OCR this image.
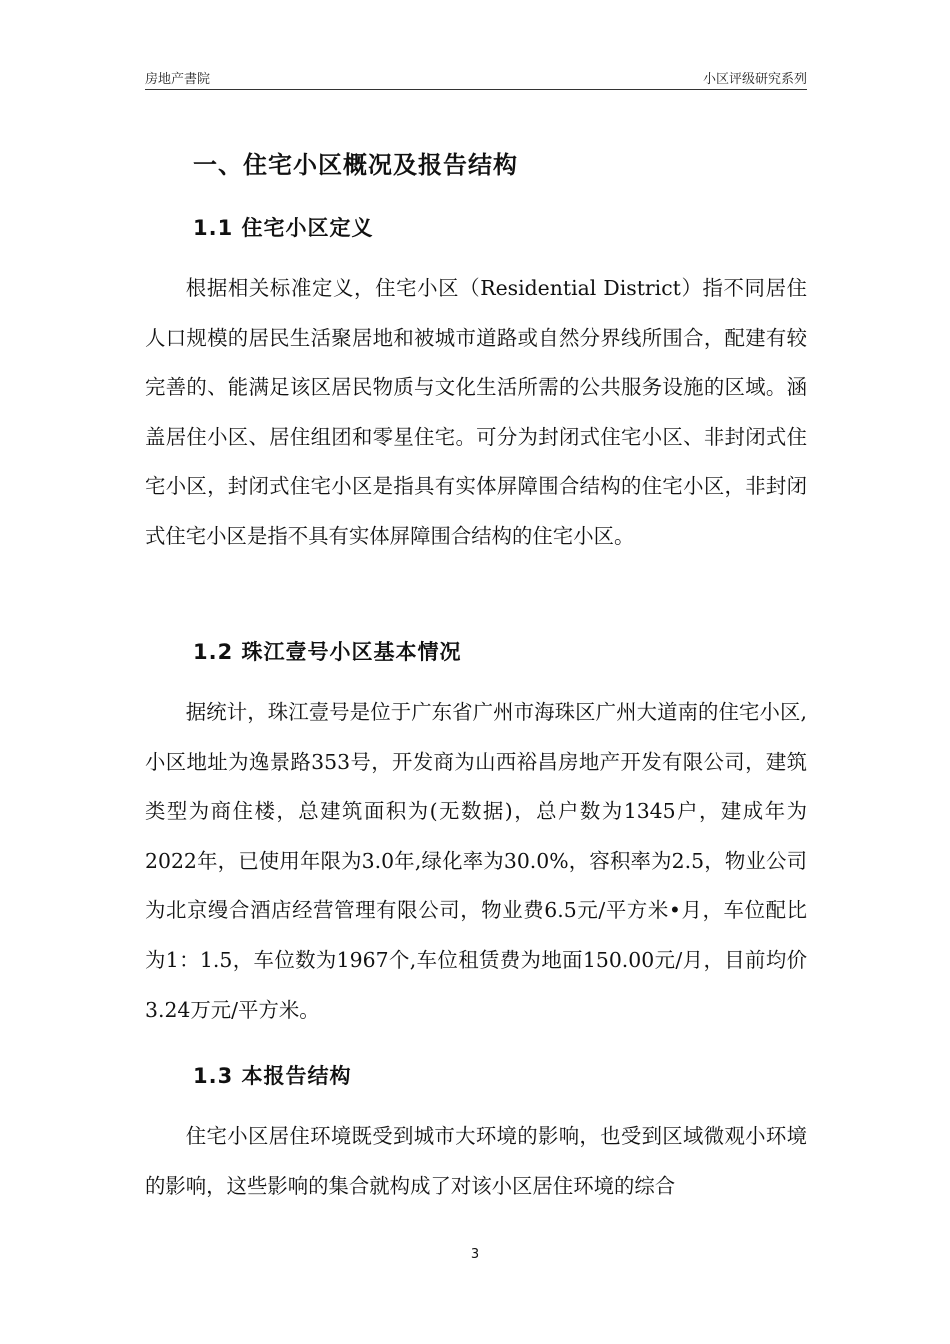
房地产書院	小区评级研究系列
一、住宅小区概况及报告结构
1.1 住宅小区定义

根据相关标准定义，住宅小区（Residential District）指不同居住人口规模的居民生活聚居地和被城市道路或自然分界线所围合，配建有较完善的、能满足该区居民物质与文化生活所需的公共服务设施的区域。涵盖居住小区、居住组团和零星住宅。可分为封闭式住宅小区、非封闭式住宅小区，封闭式住宅小区是指具有实体屏障围合结构的住宅小区，非封闭式住宅小区是指不具有实体屏障围合结构的住宅小区。

1.2 珠江壹号小区基本情况

据统计，珠江壹号是位于广东省广州市海珠区广州大道南的住宅小区,小区地址为逸景路353号，开发商为山西裕昌房地产开发有限公司，建筑类型为商住楼，总建筑面积为(无数据)，总户数为1345户，建成年为2022年，已使用年限为3.0年,绿化率为30.0%，容积率为2.5，物业公司为北京缦合酒店经营管理有限公司，物业费6.5元/平方米•月，车位配比为1：1.5，车位数为1967个,车位租赁费为地面150.00元/月，目前均价3.24万元/平方米。

1.3 本报告结构

住宅小区居住环境既受到城市大环境的影响，也受到区域微观小环境的影响，这些影响的集合就构成了对该小区居住环境的综合

3
